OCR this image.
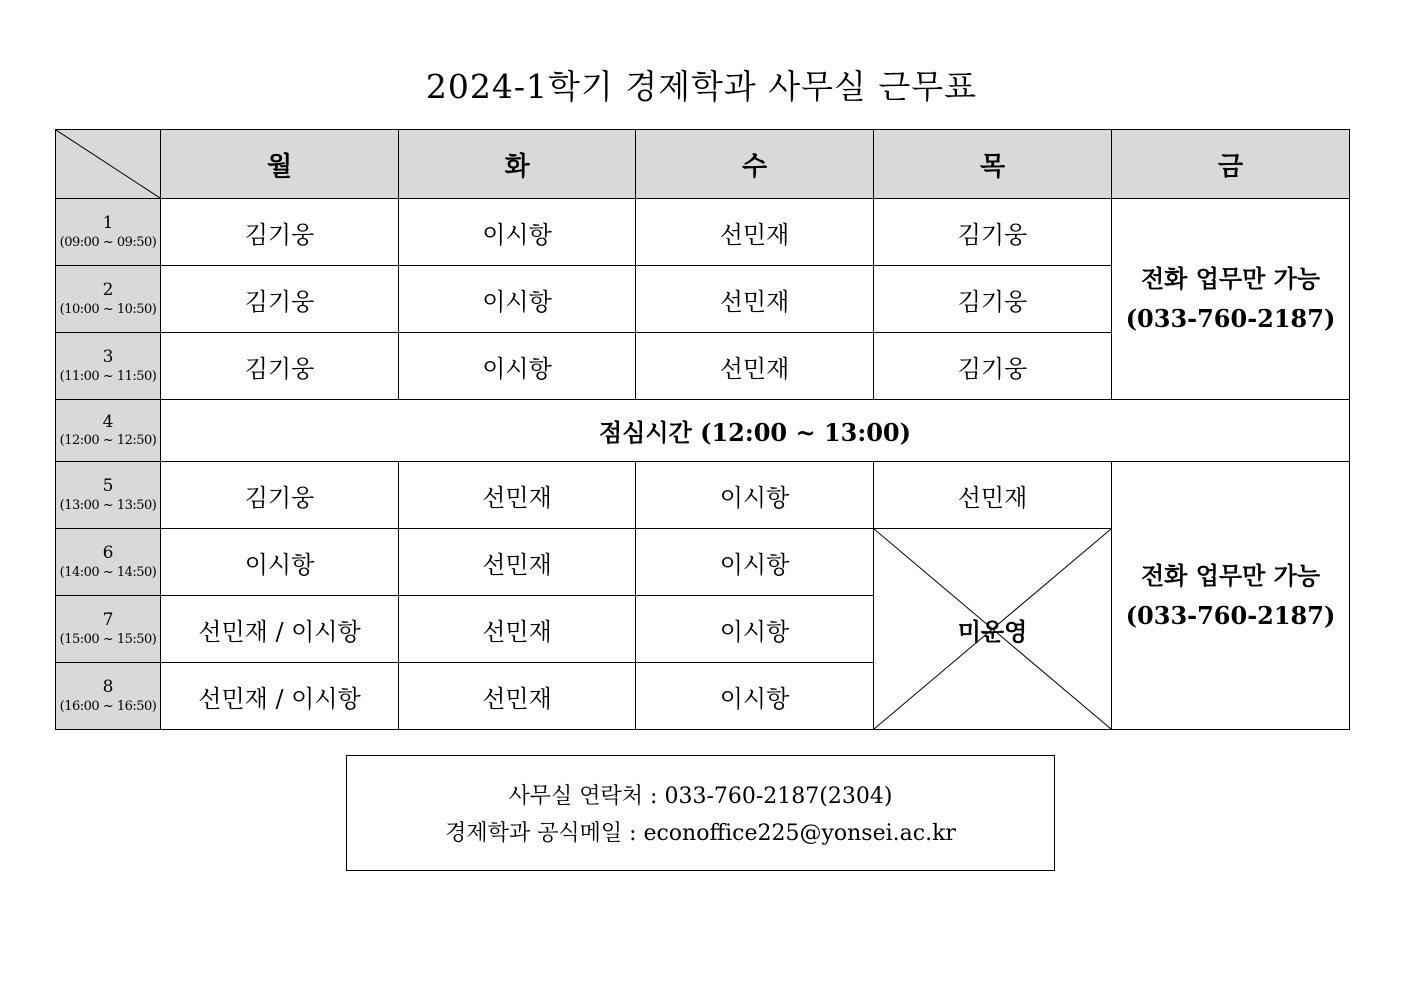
2024-1학기 경제학과 사무실 근무표
	월	화	수	목	금

1
(09:00 ~ 09:50)	김기웅	이시항	선민재	김기웅	전화 업무만 가능
(033-760-2187)

2
(10:00 ~ 10:50)	김기웅	이시항	선민재	김기웅	

3
(11:00 ~ 11:50)	김기웅	이시항	선민재	김기웅	

4
(12:00 ~ 12:50)	점심시간 (12:00 ~ 13:00)				

5
(13:00 ~ 13:50)	김기웅	선민재	이시항	선민재	전화 업무만 가능
(033-760-2187)

6
(14:00 ~ 14:50)	이시항	선민재	이시항	미운영	

7
(15:00 ~ 15:50)	선민재 / 이시항	선민재	이시항		

8
(16:00 ~ 16:50)	선민재 / 이시항	선민재	이시항		
사무실 연락처 : 033-760-2187(2304)
경제학과 공식메일 : econoffice225@yonsei.ac.kr
